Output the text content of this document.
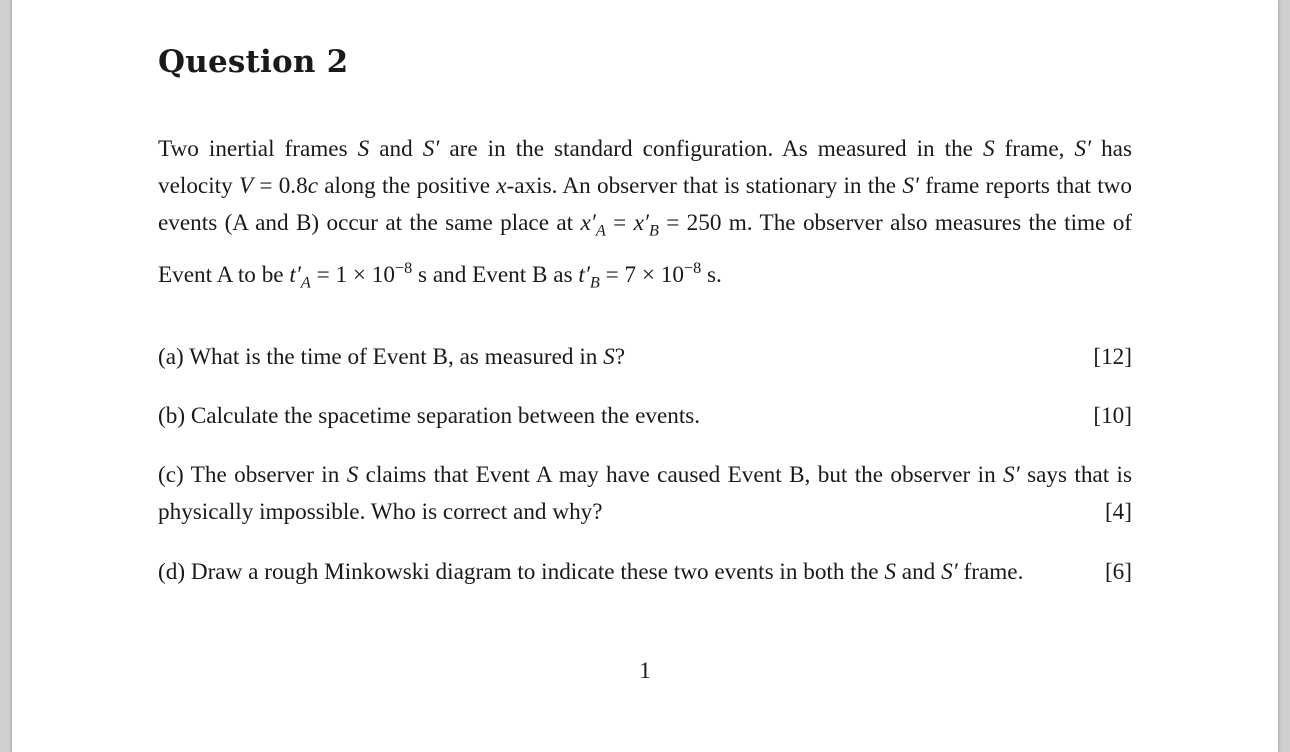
Question 2

Two inertial frames S and S′ are in the standard configuration. As measured in the S frame, S′ has velocity V = 0.8c along the positive x-axis. An observer that is stationary in the S′ frame reports that two events (A and B) occur at the same place at $x'_A = x'_B = 250$ m. The observer also measures the time of Event A to be $t'_A = 1 \times 10^{-8}$ s and Event B as $t'_B = 7 \times 10^{-8}$ s.

(a) What is the time of Event B, as measured in S?	[12]
(b) Calculate the spacetime separation between the events.	[10]
(c) The observer in S claims that Event A may have caused Event B, but the observer in S′ says that is physically impossible. Who is correct and why?	[4]
(d) Draw a rough Minkowski diagram to indicate these two events in both the S and S′ frame.	[6]
1
